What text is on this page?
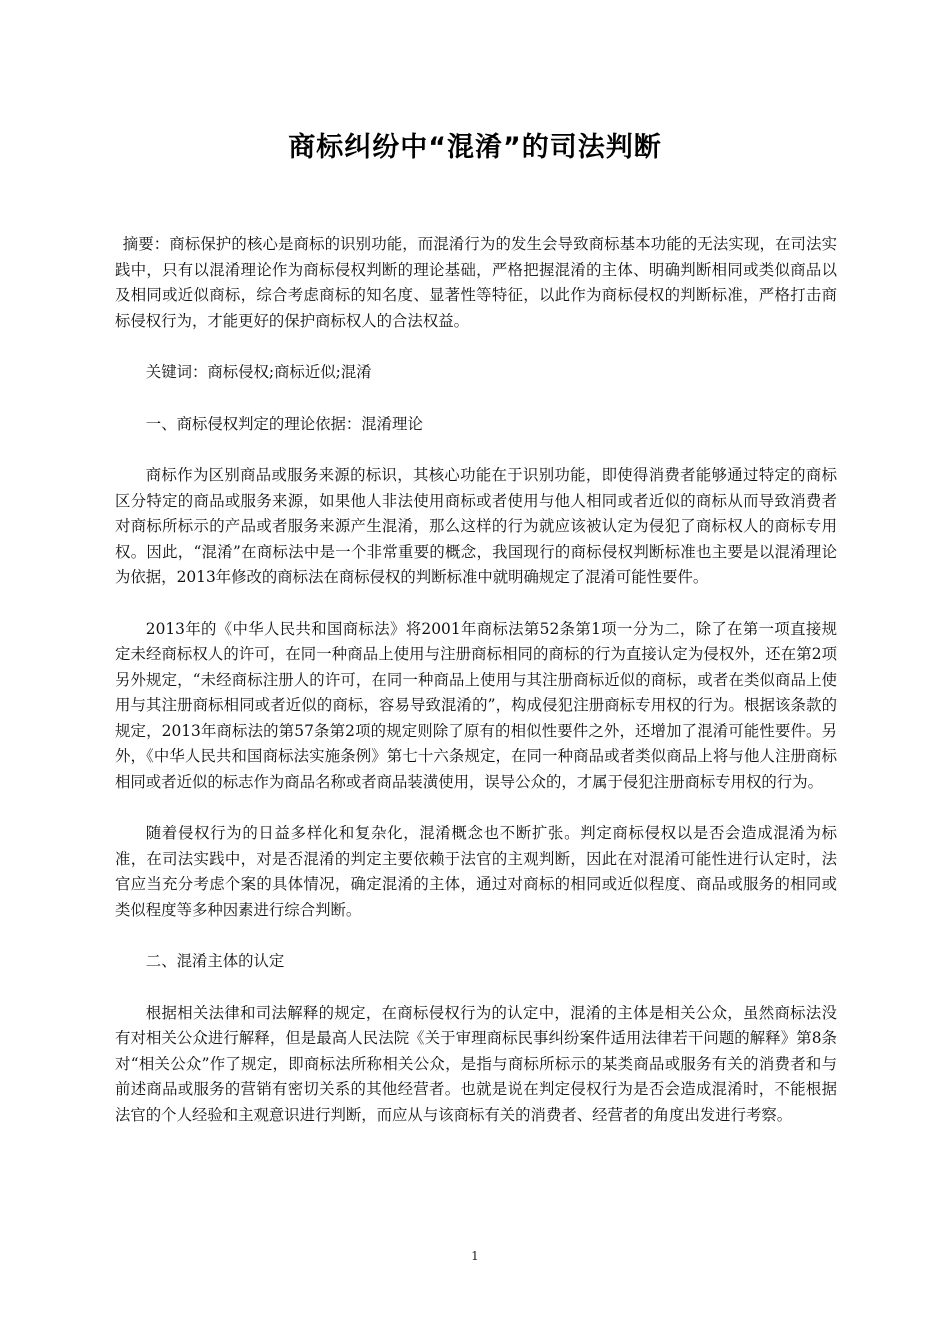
商标纠纷中“混淆”的司法判断

摘要：商标保护的核心是商标的识别功能，而混淆行为的发生会导致商标基本功能的无法实现，在司法实践中，只有以混淆理论作为商标侵权判断的理论基础，严格把握混淆的主体、明确判断相同或类似商品以及相同或近似商标，综合考虑商标的知名度、显著性等特征，以此作为商标侵权的判断标准，严格打击商标侵权行为，才能更好的保护商标权人的合法权益。

关键词：商标侵权;商标近似;混淆

一、商标侵权判定的理论依据：混淆理论

商标作为区别商品或服务来源的标识，其核心功能在于识别功能，即使得消费者能够通过特定的商标区分特定的商品或服务来源，如果他人非法使用商标或者使用与他人相同或者近似的商标从而导致消费者对商标所标示的产品或者服务来源产生混淆，那么这样的行为就应该被认定为侵犯了商标权人的商标专用权。因此，“混淆”在商标法中是一个非常重要的概念，我国现行的商标侵权判断标准也主要是以混淆理论为依据，2013年修改的商标法在商标侵权的判断标准中就明确规定了混淆可能性要件。

2013年的《中华人民共和国商标法》将2001年商标法第52条第1项一分为二，除了在第一项直接规定未经商标权人的许可，在同一种商品上使用与注册商标相同的商标的行为直接认定为侵权外，还在第2项另外规定，“未经商标注册人的许可，在同一种商品上使用与其注册商标近似的商标，或者在类似商品上使用与其注册商标相同或者近似的商标，容易导致混淆的”，构成侵犯注册商标专用权的行为。根据该条款的规定，2013年商标法的第57条第2项的规定则除了原有的相似性要件之外，还增加了混淆可能性要件。另外，《中华人民共和国商标法实施条例》第七十六条规定，在同一种商品或者类似商品上将与他人注册商标相同或者近似的标志作为商品名称或者商品装潢使用，误导公众的，才属于侵犯注册商标专用权的行为。

随着侵权行为的日益多样化和复杂化，混淆概念也不断扩张。判定商标侵权以是否会造成混淆为标准，在司法实践中，对是否混淆的判定主要依赖于法官的主观判断，因此在对混淆可能性进行认定时，法官应当充分考虑个案的具体情况，确定混淆的主体，通过对商标的相同或近似程度、商品或服务的相同或类似程度等多种因素进行综合判断。

二、混淆主体的认定

根据相关法律和司法解释的规定，在商标侵权行为的认定中，混淆的主体是相关公众，虽然商标法没有对相关公众进行解释，但是最高人民法院《关于审理商标民事纠纷案件适用法律若干问题的解释》第8条对“相关公众”作了规定，即商标法所称相关公众，是指与商标所标示的某类商品或服务有关的消费者和与前述商品或服务的营销有密切关系的其他经营者。也就是说在判定侵权行为是否会造成混淆时，不能根据法官的个人经验和主观意识进行判断，而应从与该商标有关的消费者、经营者的角度出发进行考察。

1
